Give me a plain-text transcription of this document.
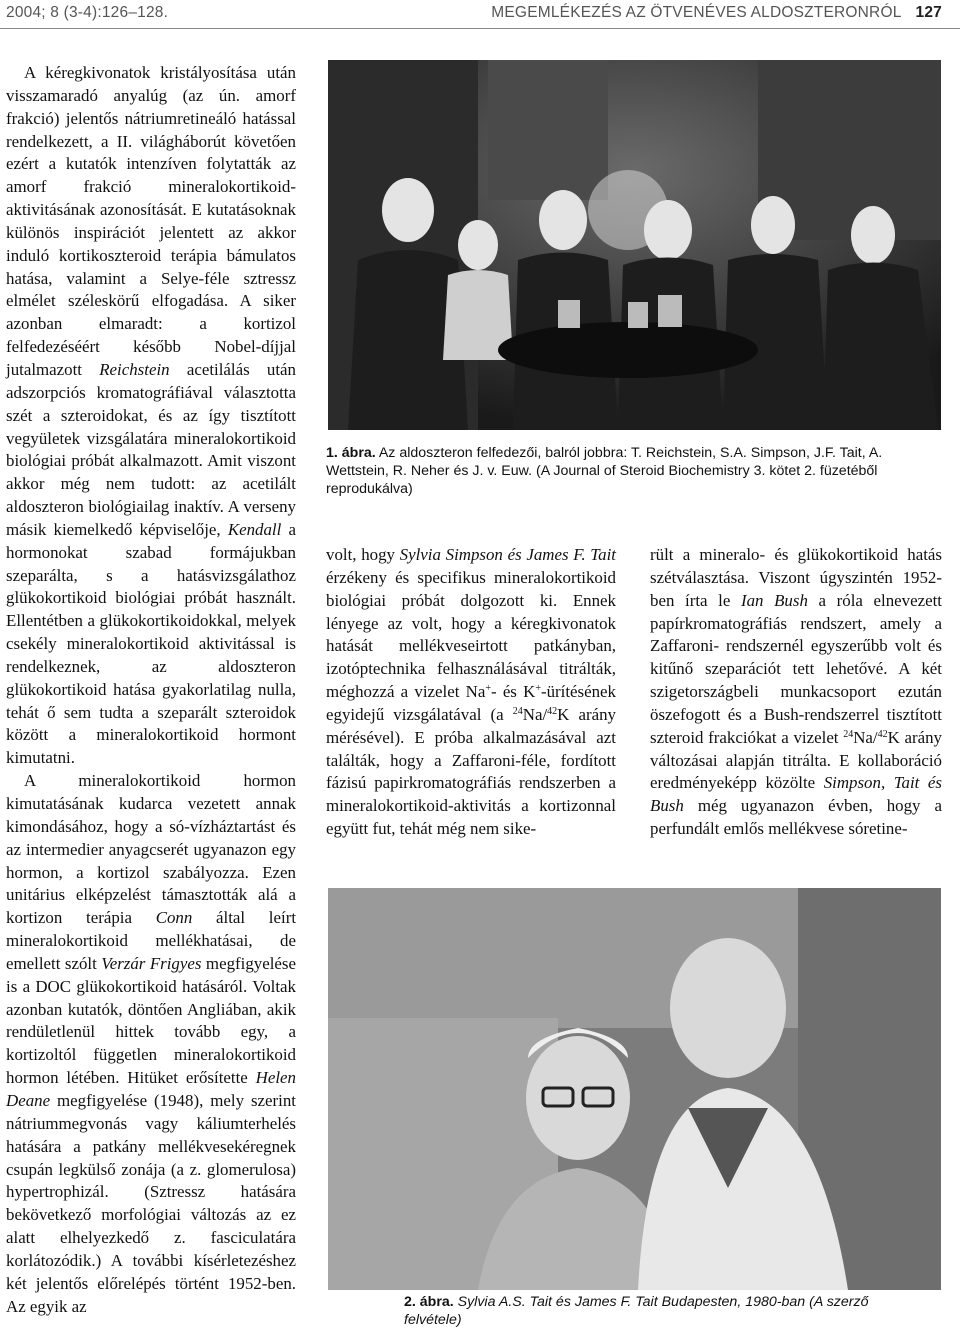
2004; 8 (3-4):126–128.	MEGEMLÉKEZÉS AZ ÖTVENÉVES ALDOSZTERONRÓL 127

A kéregkivonatok kristályosítása után visszamaradó anyalúg (az ún. amorf frakció) jelentős nátriumretineáló hatással rendelkezett, a II. világháborút követően ezért a kutatók intenzíven folytatták az amorf frakció mineralokortikoid-aktivitásának azonosítását. E kutatásoknak különös inspirációt jelentett az akkor induló kortikoszteroid terápia bámulatos hatása, valamint a Selye-féle sztressz elmélet széleskörű elfogadása. A siker azonban elmaradt: a kortizol felfedezéséért később Nobel-díjjal jutalmazott Reichstein acetilálás után adszorpciós kromatográfiával választotta szét a szteroidokat, és az így tisztított vegyületek vizsgálatára mineralokortikoid biológiai próbát alkalmazott. Amit viszont akkor még nem tudott: az acetilált aldoszteron biológiailag inaktív. A verseny másik kiemelkedő képviselője, Kendall a hormonokat szabad formájukban szeparálta, s a hatásvizsgálathoz glükokortikoid biológiai próbát használt. Ellentétben a glükokortikoidokkal, melyek csekély mineralokortikoid aktivitással is rendelkeznek, az aldoszteron glükokortikoid hatása gyakorlatilag nulla, tehát ő sem tudta a szeparált szteroidok között a mineralokortikoid hormont kimutatni.

A mineralokortikoid hormon kimutatásának kudarca vezetett annak kimondásához, hogy a só-vízháztartást és az intermedier anyagcserét ugyanazon egy hormon, a kortizol szabályozza. Ezen unitárius elképzelést támasztották alá a kortizon terápia Conn által leírt mineralokortikoid mellékhatásai, de emellett szólt Verzár Frigyes megfigyelése is a DOC glükokortikoid hatásáról. Voltak azonban kutatók, döntően Angliában, akik rendületlenül hittek tovább egy, a kortizoltól független mineralokortikoid hormon létében. Hitüket erősítette Helen Deane megfigyelése (1948), mely szerint nátriummegvonás vagy káliumterhelés hatására a patkány mellékvesekéregnek csupán legkülső zonája (a z. glomerulosa) hypertrophizál. (Sztressz hatására bekövetkező morfológiai változás az ez alatt elhelyezkedő z. fasciculatára korlátozódik.) A további kísérletezéshez két jelentős előrelépés történt 1952-ben. Az egyik az

1. ábra. Az aldoszteron felfedezői, balról jobbra: T. Reichstein, S.A. Simpson, J.F. Tait, A. Wettstein, R. Neher és J. v. Euw. (A Journal of Steroid Biochemistry 3. kötet 2. füzetéből reprodukálva)

volt, hogy Sylvia Simpson és James F. Tait érzékeny és specifikus mineralokortikoid biológiai próbát dolgozott ki. Ennek lényege az volt, hogy a kéregkivonatok hatását mellékveseirtott patkányban, izotóptechnika felhasználásával titrálták, méghozzá a vizelet Na+- és K+-ürítésének egyidejű vizsgálatával (a $^{24}$Na/$^{42}$K arány mérésével). E próba alkalmazásával azt találták, hogy a Zaffaroni-féle, fordított fázisú papirkromatográfiás rendszerben a mineralokortikoid-aktivitás a kortizonnal együtt fut, tehát még nem sike-

rült a mineralo- és glükokortikoid hatás szétválasztása. Viszont úgyszintén 1952-ben írta le Ian Bush a róla elnevezett papírkromatográfiás rendszert, amely a Zaffaroni- rendszernél egyszerűbb volt és kitűnő szeparációt tett lehetővé. A két szigetországbeli munkacsoport ezután öszefogott és a Bush-rendszerrel tisztított szteroid frakciókat a vizelet $^{24}$Na/$^{42}$K arány változásai alapján titrálta. E kollaboráció eredményeképp közölte Simpson, Tait és Bush még ugyanazon évben, hogy a perfundált emlős mellékvese sóretine-

2. ábra. Sylvia A.S. Tait és James F. Tait Budapesten, 1980-ban (A szerző felvétele)
